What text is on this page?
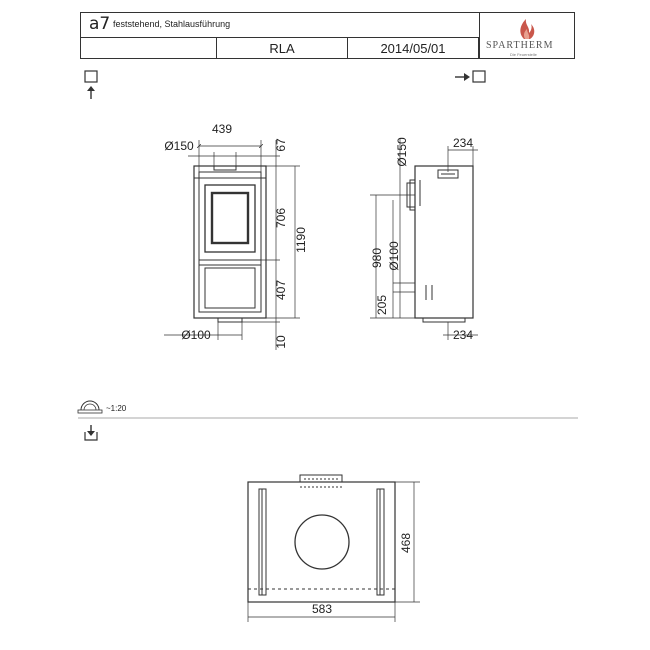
a7 feststehend, Stahlausführung
RLA	2014/05/01	SPARTHERM
Die Feuerstelle
439
Ø150
Ø100
67
706
1190
407
10
234
Ø150
980 Ø100
205
234
~1:20
583
468
